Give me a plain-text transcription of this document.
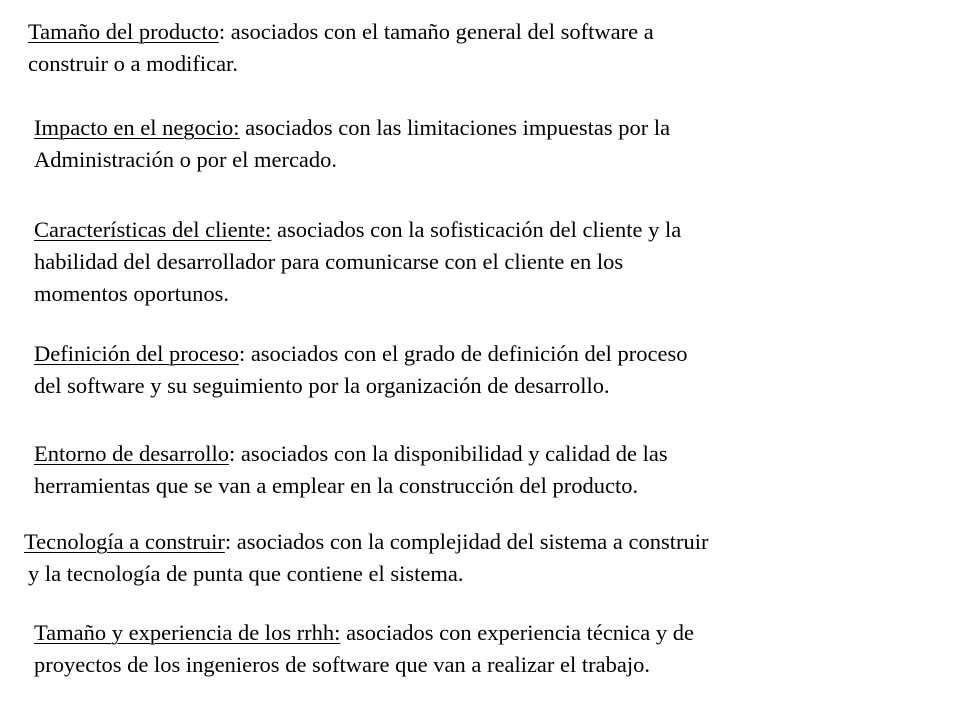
Tamaño del producto: asociados con el tamaño general del software a
construir o a modificar.

Impacto en el negocio: asociados con las limitaciones impuestas por la
Administración o por el mercado.

Características del cliente: asociados con la sofisticación del cliente y la
habilidad del desarrollador para comunicarse con el cliente en los
momentos oportunos.

Definición del proceso: asociados con el grado de definición del proceso
del software y su seguimiento por la organización de desarrollo.

Entorno de desarrollo: asociados con la disponibilidad y calidad de las
herramientas que se van a emplear en la construcción del producto.

Tecnología a construir: asociados con la complejidad del sistema a construir
y la tecnología de punta que contiene el sistema.

Tamaño y experiencia de los rrhh: asociados con experiencia técnica y de
proyectos de los ingenieros de software que van a realizar el trabajo.
